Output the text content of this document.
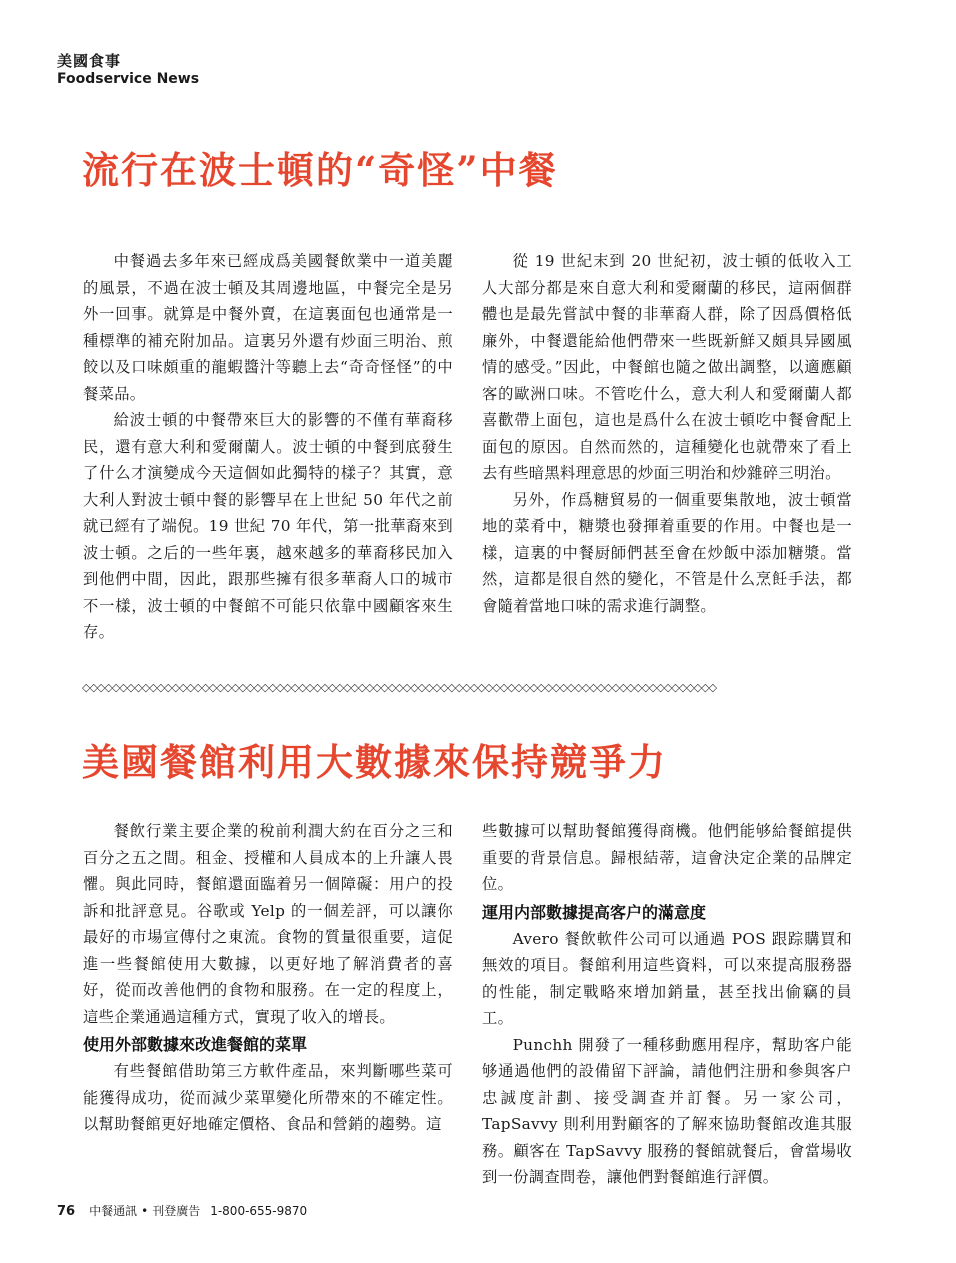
美國食事
Foodservice News
流行在波士頓的“奇怪”中餐

中餐過去多年來已經成爲美國餐飲業中一道美麗的風景，不過在波士頓及其周邊地區，中餐完全是另外一回事。就算是中餐外賣，在這裏面包也通常是一種標準的補充附加品。這裏另外還有炒面三明治、煎餃以及口味頗重的龍蝦醬汁等聽上去“奇奇怪怪”的中餐菜品。

給波士頓的中餐帶來巨大的影響的不僅有華裔移民，還有意大利和愛爾蘭人。波士頓的中餐到底發生了什么才演變成今天這個如此獨特的樣子？其實，意大利人對波士頓中餐的影響早在上世紀 50 年代之前就已經有了端倪。19 世紀 70 年代，第一批華裔來到波士頓。之后的一些年裏，越來越多的華裔移民加入到他們中間，因此，跟那些擁有很多華裔人口的城市不一樣，波士頓的中餐館不可能只依靠中國顧客來生存。

從 19 世紀末到 20 世紀初，波士頓的低收入工人大部分都是來自意大利和愛爾蘭的移民，這兩個群體也是最先嘗試中餐的非華裔人群，除了因爲價格低廉外，中餐還能給他們帶來一些既新鮮又頗具异國風情的感受。”因此，中餐館也隨之做出調整，以適應顧客的歐洲口味。不管吃什么，意大利人和愛爾蘭人都喜歡帶上面包，這也是爲什么在波士頓吃中餐會配上面包的原因。自然而然的，這種變化也就帶來了看上去有些暗黑料理意思的炒面三明治和炒雜碎三明治。

另外，作爲糖貿易的一個重要集散地，波士頓當地的菜肴中，糖漿也發揮着重要的作用。中餐也是一樣，這裏的中餐厨師們甚至會在炒飯中添加糖漿。當然，這都是很自然的變化，不管是什么烹飪手法，都會隨着當地口味的需求進行調整。

◇◇◇◇◇◇◇◇◇◇◇◇◇◇◇◇◇◇◇◇◇◇◇◇◇◇◇◇◇◇◇◇◇◇◇◇◇◇◇◇◇◇◇◇◇◇◇◇◇◇◇◇◇◇◇◇◇◇◇◇◇◇◇◇◇◇◇◇◇◇◇◇◇◇◇◇◇◇◇◇◇◇◇◇◇
美國餐館利用大數據來保持競爭力

餐飲行業主要企業的稅前利潤大約在百分之三和百分之五之間。租金、授權和人員成本的上升讓人畏懼。與此同時，餐館還面臨着另一個障礙：用户的投訴和批評意見。谷歌或 Yelp 的一個差評，可以讓你最好的市場宣傳付之東流。食物的質量很重要，這促進一些餐館使用大數據，以更好地了解消費者的喜好，從而改善他們的食物和服務。在一定的程度上，這些企業通過這種方式，實現了收入的增長。

使用外部數據來改進餐館的菜單

有些餐館借助第三方軟件產品，來判斷哪些菜可能獲得成功，從而減少菜單變化所帶來的不確定性。以幫助餐館更好地確定價格、食品和營銷的趨勢。這

些數據可以幫助餐館獲得商機。他們能够給餐館提供重要的背景信息。歸根結蒂，這會決定企業的品牌定位。

運用内部數據提高客户的滿意度

Avero 餐飲軟件公司可以通過 POS 跟踪購買和無效的項目。餐館利用這些資料，可以來提高服務器的性能，制定戰略來增加銷量，甚至找出偷竊的員工。

Punchh 開發了一種移動應用程序，幫助客户能够通過他們的設備留下評論，請他們注册和參與客户忠誠度計劃、接受調查并訂餐。另一家公司，TapSavvy 則利用對顧客的了解來協助餐館改進其服務。顧客在 TapSavvy 服務的餐館就餐后，會當場收到一份調查問卷，讓他們對餐館進行評價。

76 中餐通訊 • 刊登廣告 1-800-655-9870
